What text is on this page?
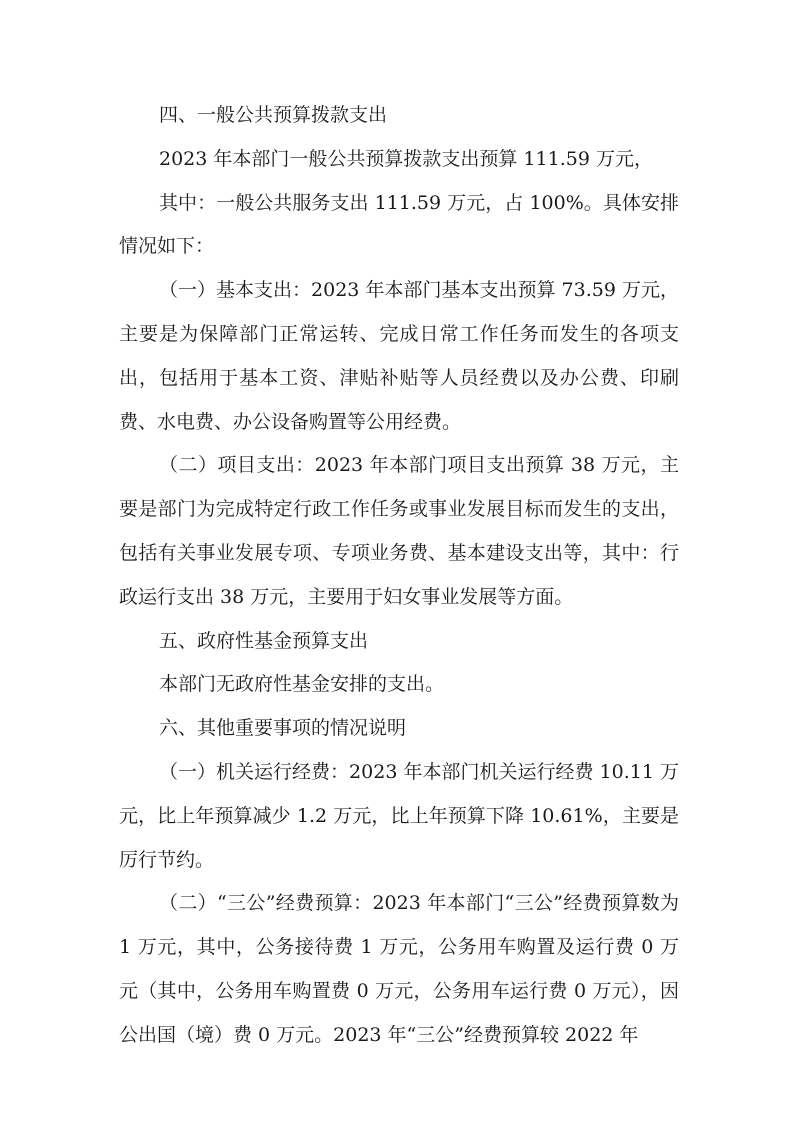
四、一般公共预算拨款支出

2023 年本部门一般公共预算拨款支出预算 111.59 万元，

其中：一般公共服务支出 111.59 万元，占 100%。具体安排情况如下：

（一）基本支出：2023 年本部门基本支出预算 73.59 万元，主要是为保障部门正常运转、完成日常工作任务而发生的各项支出，包括用于基本工资、津贴补贴等人员经费以及办公费、印刷费、水电费、办公设备购置等公用经费。

（二）项目支出：2023 年本部门项目支出预算 38 万元，主要是部门为完成特定行政工作任务或事业发展目标而发生的支出，包括有关事业发展专项、专项业务费、基本建设支出等，其中：行政运行支出 38 万元，主要用于妇女事业发展等方面。

五、政府性基金预算支出

本部门无政府性基金安排的支出。

六、其他重要事项的情况说明

（一）机关运行经费：2023 年本部门机关运行经费 10.11 万元，比上年预算减少 1.2 万元，比上年预算下降 10.61%，主要是厉行节约。

（二）“三公”经费预算：2023 年本部门“三公”经费预算数为 1 万元，其中，公务接待费 1 万元，公务用车购置及运行费 0 万元（其中，公务用车购置费 0 万元，公务用车运行费 0 万元），因公出国（境）费 0 万元。2023 年“三公”经费预算较 2022 年
